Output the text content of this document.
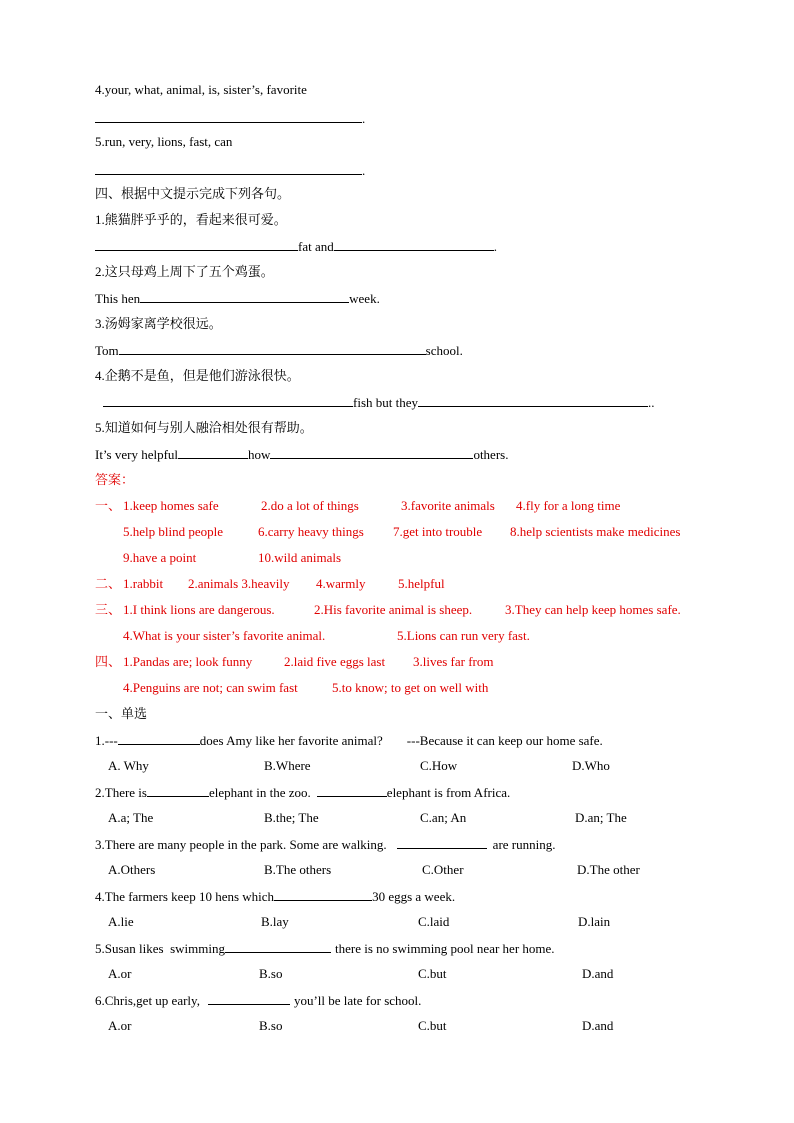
4.your, what, animal, is, sister’s, favorite
.
5.run, very, lions, fast, can
.
四、根据中文提示完成下列各句。
1.熊猫胖乎乎的，看起来很可爱。
fat and	.
2.这只母鸡上周下了五个鸡蛋。
This hen	week.
3.汤姆家离学校很远。
Tom	school.
4.企鹅不是鱼，但是他们游泳很快。
fish but they	..
5.知道如何与别人融洽相处很有帮助。
It’s very helpful	how	others.
答案：
一、 1.keep homes safe	2.do a lot of things	3.favorite animals 4.fly for a long time
5.help blind people	6.carry heavy things 7.get into trouble 8.help scientists make medicines
9.have a point	10.wild animals
二、 1.rabbit 2.animals 3.heavily 4.warmly	5.helpful
三、 1.I think lions are dangerous.	2.His favorite animal is sheep.	3.They can help keep homes safe.
4.What is your sister’s favorite animal.	5.Lions can run very fast.
四、 1.Pandas are; look funny 2.laid five eggs last 3.lives far from
4.Penguins are not; can swim fast	5.to know; to get on well with
一、单选
1.---	does Amy like her favorite animal? ---Because it can keep our home safe.
A. Why	B.Where	C.How	D.Who
2.There is	elephant in the zoo.	elephant is from Africa.
A.a; The	B.the; The	C.an; An	D.an; The
3.There are many people in the park. Some are walking.	are running.
A.Others	B.The others	C.Other	D.The other
4.The farmers keep 10 hens which	30 eggs a week.
A.lie	B.lay	C.laid	D.lain
5.Susan likes  swimming	there is no swimming pool near her home.
A.or	B.so	C.but	D.and
6.Chris,get up early,	you’ll be late for school.
A.or	B.so	C.but	D.and
